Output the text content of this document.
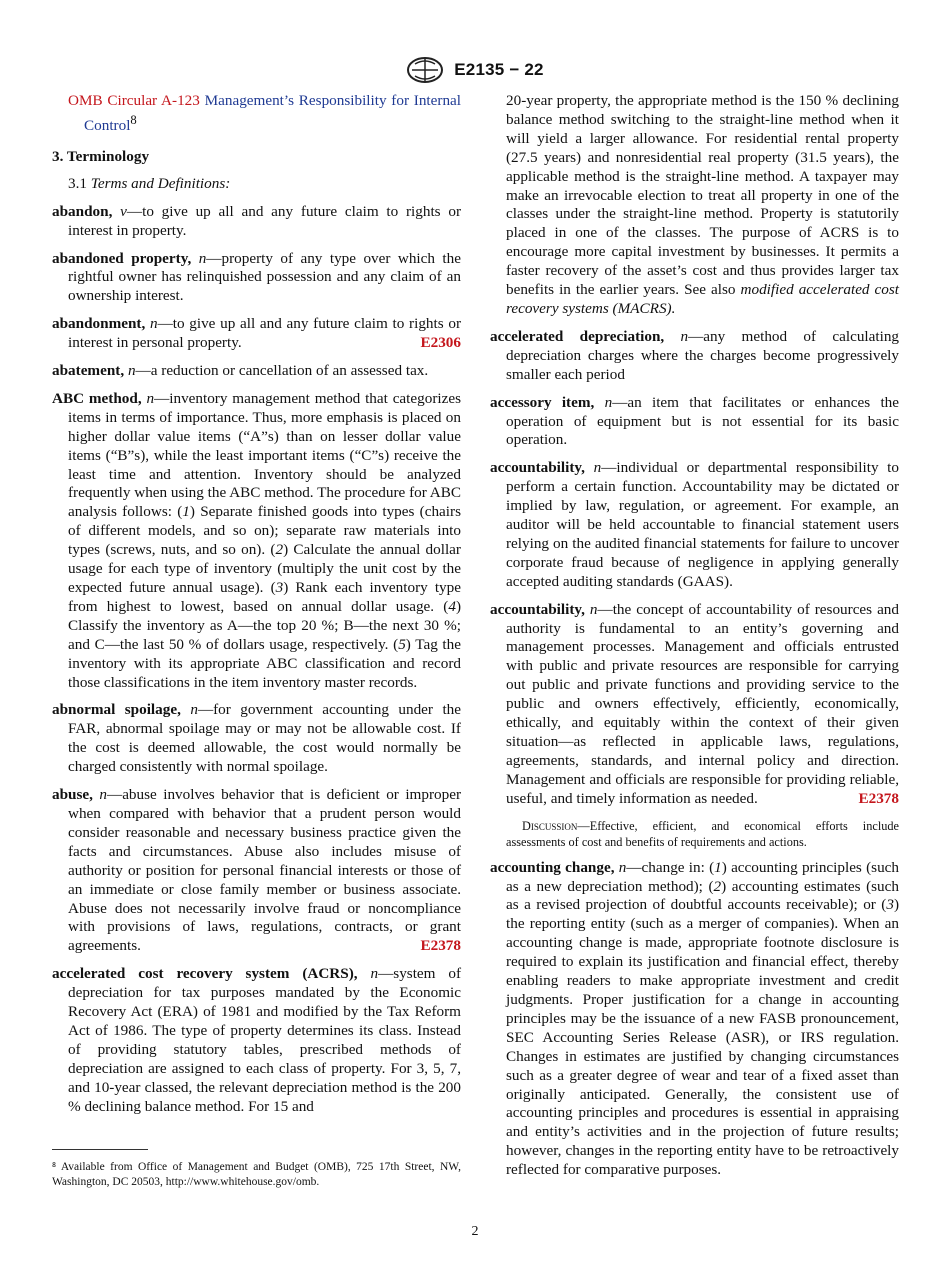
E2135 − 22

OMB Circular A-123 Management’s Responsibility for Internal Control$^8$

3. Terminology

3.1 Terms and Definitions:

abandon, v—to give up all and any future claim to rights or interest in property.

abandoned property, n—property of any type over which the rightful owner has relinquished possession and any claim of an ownership interest.

abandonment, n—to give up all and any future claim to rights or interest in personal property.	E2306

abatement, n—a reduction or cancellation of an assessed tax.

ABC method, n—inventory management method that categorizes items in terms of importance. Thus, more emphasis is placed on higher dollar value items (“A”s) than on lesser dollar value items (“B”s), while the least important items (“C”s) receive the least time and attention. Inventory should be analyzed frequently when using the ABC method. The procedure for ABC analysis follows: (1) Separate finished goods into types (chairs of different models, and so on); separate raw materials into types (screws, nuts, and so on). (2) Calculate the annual dollar usage for each type of inventory (multiply the unit cost by the expected future annual usage). (3) Rank each inventory type from highest to lowest, based on annual dollar usage. (4) Classify the inventory as A—the top 20 %; B—the next 30 %; and C—the last 50 % of dollars usage, respectively. (5) Tag the inventory with its appropriate ABC classification and record those classifications in the item inventory master records.

abnormal spoilage, n—for government accounting under the FAR, abnormal spoilage may or may not be allowable cost. If the cost is deemed allowable, the cost would normally be charged consistently with normal spoilage.

abuse, n—abuse involves behavior that is deficient or improper when compared with behavior that a prudent person would consider reasonable and necessary business practice given the facts and circumstances. Abuse also includes misuse of authority or position for personal financial interests or those of an immediate or close family member or business associate. Abuse does not necessarily involve fraud or noncompliance with provisions of laws, regulations, contracts, or grant agreements.	E2378

accelerated cost recovery system (ACRS), n—system of depreciation for tax purposes mandated by the Economic Recovery Act (ERA) of 1981 and modified by the Tax Reform Act of 1986. The type of property determines its class. Instead of providing statutory tables, prescribed methods of depreciation are assigned to each class of property. For 3, 5, 7, and 10-year classed, the relevant depreciation method is the 200 % declining balance method. For 15 and

20-year property, the appropriate method is the 150 % declining balance method switching to the straight-line method when it will yield a larger allowance. For residential rental property (27.5 years) and nonresidential real property (31.5 years), the applicable method is the straight-line method. A taxpayer may make an irrevocable election to treat all property in one of the classes under the straight-line method. Property is statutorily placed in one of the classes. The purpose of ACRS is to encourage more capital investment by businesses. It permits a faster recovery of the asset’s cost and thus provides larger tax benefits in the earlier years. See also modified accelerated cost recovery systems (MACRS).

accelerated depreciation, n—any method of calculating depreciation charges where the charges become progressively smaller each period

accessory item, n—an item that facilitates or enhances the operation of equipment but is not essential for its basic operation.

accountability, n—individual or departmental responsibility to perform a certain function. Accountability may be dictated or implied by law, regulation, or agreement. For example, an auditor will be held accountable to financial statement users relying on the audited financial statements for failure to uncover corporate fraud because of negligence in applying generally accepted auditing standards (GAAS).

accountability, n—the concept of accountability of resources and authority is fundamental to an entity’s governing and management processes. Management and officials entrusted with public and private resources are responsible for carrying out public and private functions and providing service to the public and owners effectively, efficiently, economically, ethically, and equitably within the context of their given situation—as reflected in applicable laws, regulations, agreements, standards, and internal policy and direction. Management and officials are responsible for providing reliable, useful, and timely information as needed.	E2378

Discussion—Effective, efficient, and economical efforts include assessments of cost and benefits of requirements and actions.

accounting change, n—change in: (1) accounting principles (such as a new depreciation method); (2) accounting estimates (such as a revised projection of doubtful accounts receivable); or (3) the reporting entity (such as a merger of companies). When an accounting change is made, appropriate footnote disclosure is required to explain its justification and financial effect, thereby enabling readers to make appropriate investment and credit judgments. Proper justification for a change in accounting principles may be the issuance of a new FASB pronouncement, SEC Accounting Series Release (ASR), or IRS regulation. Changes in estimates are justified by changing circumstances such as a greater degree of wear and tear of a fixed asset than originally anticipated. Generally, the consistent use of accounting principles and procedures is essential in appraising and entity’s activities and in the projection of future results; however, changes in the reporting entity have to be retroactively reflected for comparative purposes.

⁸ Available from Office of Management and Budget (OMB), 725 17th Street, NW, Washington, DC 20503, http://www.whitehouse.gov/omb.

2
